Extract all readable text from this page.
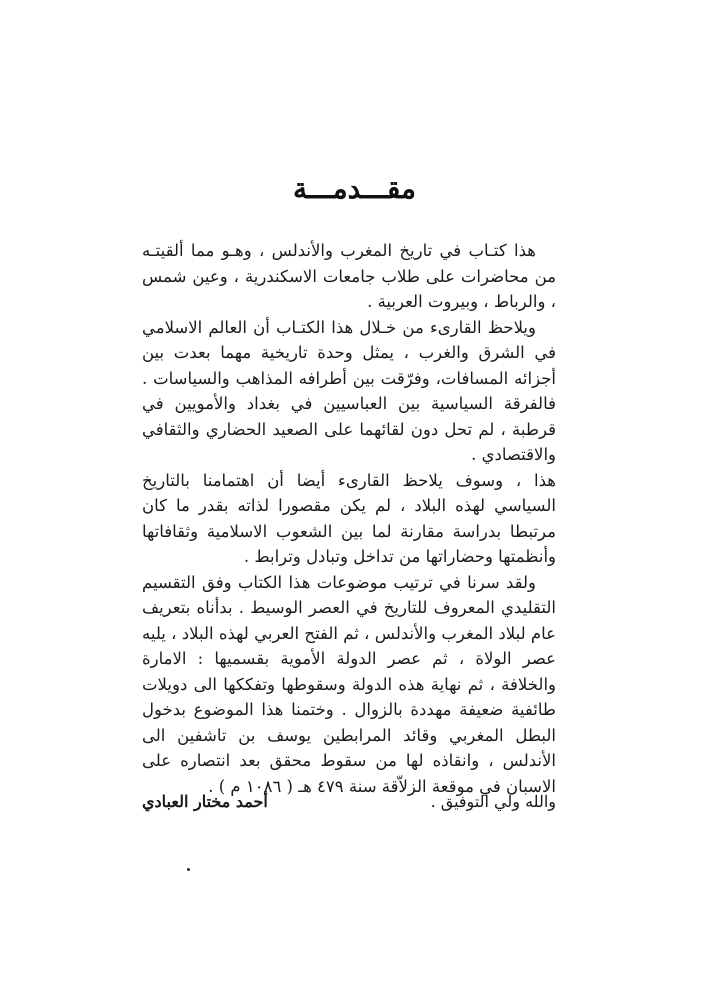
مقـــدمـــة

هذا كتـاب في تاريخ المغرب والأندلس ، وهـو مما ألقيتـه من محاضرات على طلاب جامعات الاسكندرية ، وعين شمس ، والرباط ، وبيروت العربية .

ويلاحظ القارىء من خـلال هذا الكتـاب أن العالم الاسلامي في الشرق والغرب ، يمثل وحدة تاريخية مهما بعدت بين أجزائه المسافات، وفرّقت بين أطرافه المذاهب والسياسات . فالفرقة السياسية بين العباسيين في بغداد والأمويين في قرطبة ، لم تحل دون لقائهما على الصعيد الحضاري والثقافي والاقتصادي .

هذا ، وسوف يلاحظ القارىء أيضا أن اهتمامنا بالتاريخ السياسي لهذه البلاد ، لم يكن مقصورا لذاته بقدر ما كان مرتبطا بدراسة مقارنة لما بين الشعوب الاسلامية وثقافاتها وأنظمتها وحضاراتها من تداخل وتبادل وترابط .

ولقد سرنا في ترتيب موضوعات هذا الكتاب وفق التقسيم التقليدي المعروف للتاريخ في العصر الوسيط . بدأناه بتعريف عام لبلاد المغرب والأندلس ، ثم الفتح العربي لهذه البلاد ، يليه عصر الولاة ، ثم عصر الدولة الأموية بقسميها : الامارة والخلافة ، ثم نهاية هذه الدولة وسقوطها وتفككها الى دويلات طائفية ضعيفة مهددة بالزوال . وختمنا هذا الموضوع بدخول البطل المغربي وقائد المرابطين يوسف بن تاشفين الى الأندلس ، وانقاذه لها من سقوط محقق بعد انتصاره على الاسبان في موقعة الزلاّقة سنة ٤٧٩ هـ ( ١٠٨٦ م ) .

والله ولي التوفيق .
أحمد مختار العبادي
